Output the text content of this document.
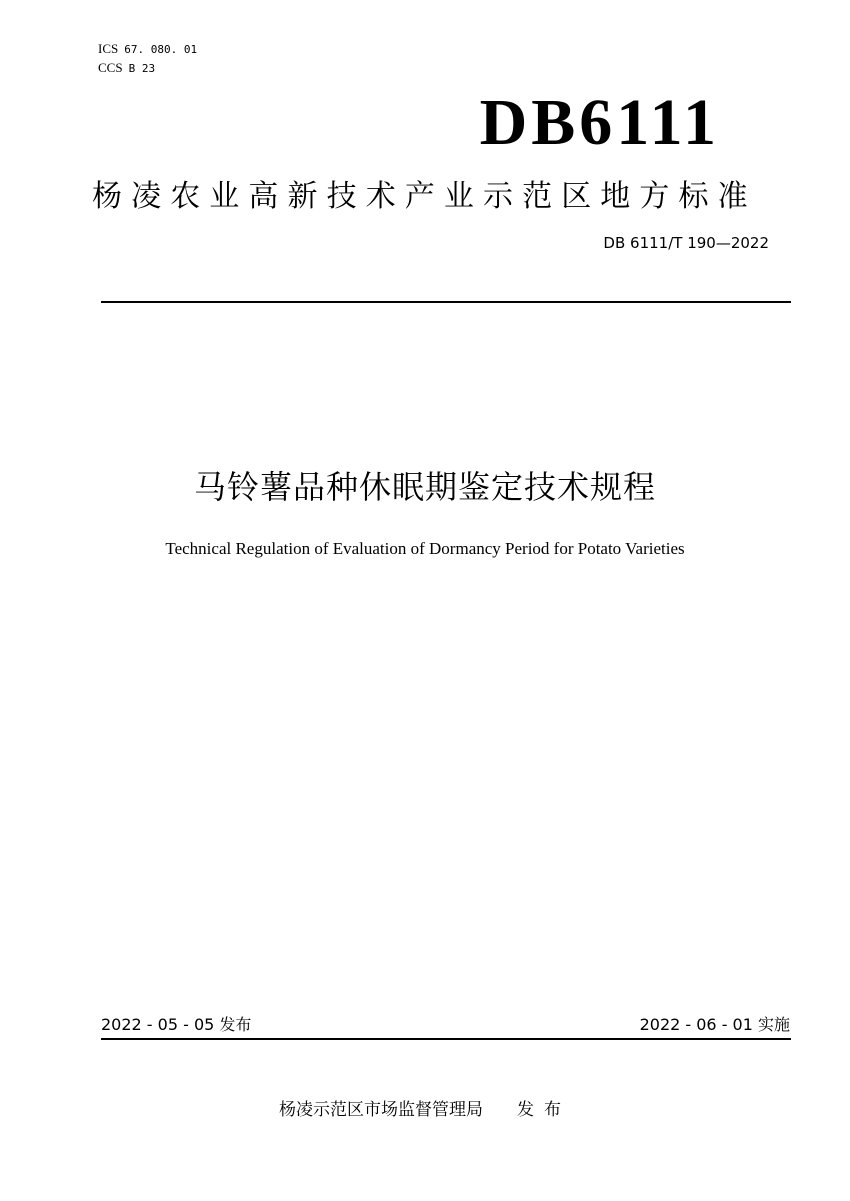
ICS 67. 080. 01
CCS B 23
DB6111
杨凌农业高新技术产业示范区地方标准
DB 6111/T 190—2022
马铃薯品种休眠期鉴定技术规程
Technical Regulation of Evaluation of Dormancy Period for Potato Varieties
2022 - 05 - 05 发布	2022 - 06 - 01 实施
杨凌示范区市场监督管理局 发布
